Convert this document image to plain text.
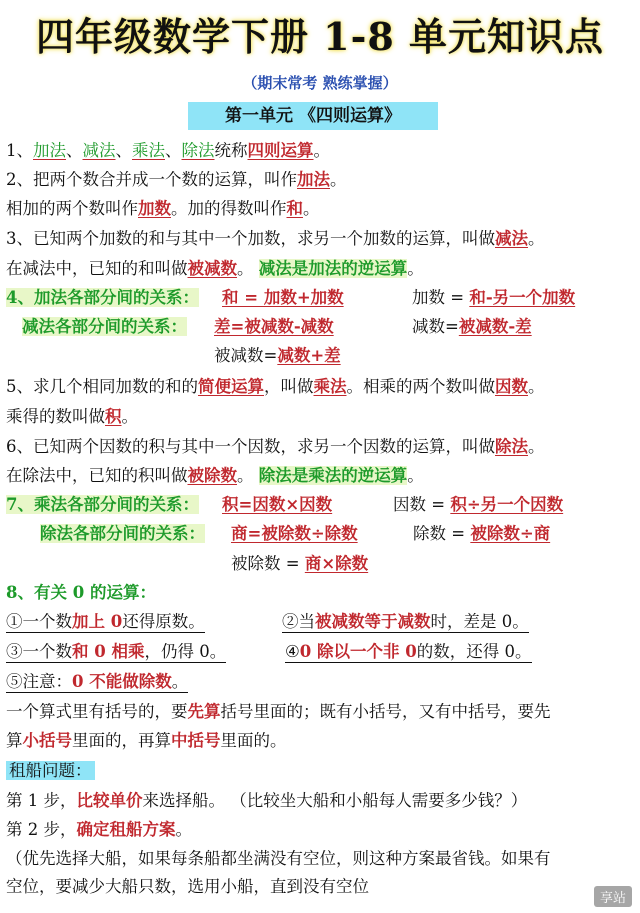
四年级数学下册 1-8 单元知识点
（期末常考 熟练掌握）
第一单元 《四则运算》
1、加法、减法、乘法、除法统称四则运算。
2、把两个数合并成一个数的运算，叫作加法。
相加的两个数叫作加数。加的得数叫作和。
3、已知两个加数的和与其中一个加数，求另一个加数的运算，叫做减法。
在减法中，已知的和叫做被减数。 减法是加法的逆运算。
4、加法各部分间的关系： 和 = 加数+加数	加数 = 和-另一个加数
减法各部分间的关系： 差=被减数-减数	减数=被减数-差
被减数=减数+差
5、求几个相同加数的和的简便运算，叫做乘法。相乘的两个数叫做因数。
乘得的数叫做积。
6、已知两个因数的积与其中一个因数，求另一个因数的运算，叫做除法。
在除法中，已知的积叫做被除数。 除法是乘法的逆运算。
7、乘法各部分间的关系： 积=因数×因数	因数 = 积÷另一个因数
除法各部分间的关系： 商=被除数÷除数	除数 = 被除数÷商
被除数 = 商×除数
8、有关 0 的运算：
①一个数加上 0还得原数。	②当被减数等于减数时，差是 0。
③一个数和 0 相乘，仍得 0。	④0 除以一个非 0的数，还得 0。
⑤注意：0 不能做除数。
一个算式里有括号的，要先算括号里面的；既有小括号，又有中括号，要先
算小括号里面的，再算中括号里面的。
租船问题：
第 1 步，比较单价来选择船。 （比较坐大船和小船每人需要多少钱？）
第 2 步，确定租船方案。
（优先选择大船，如果每条船都坐满没有空位，则这种方案最省钱。如果有
空位，要减少大船只数，选用小船，直到没有空位
享站
